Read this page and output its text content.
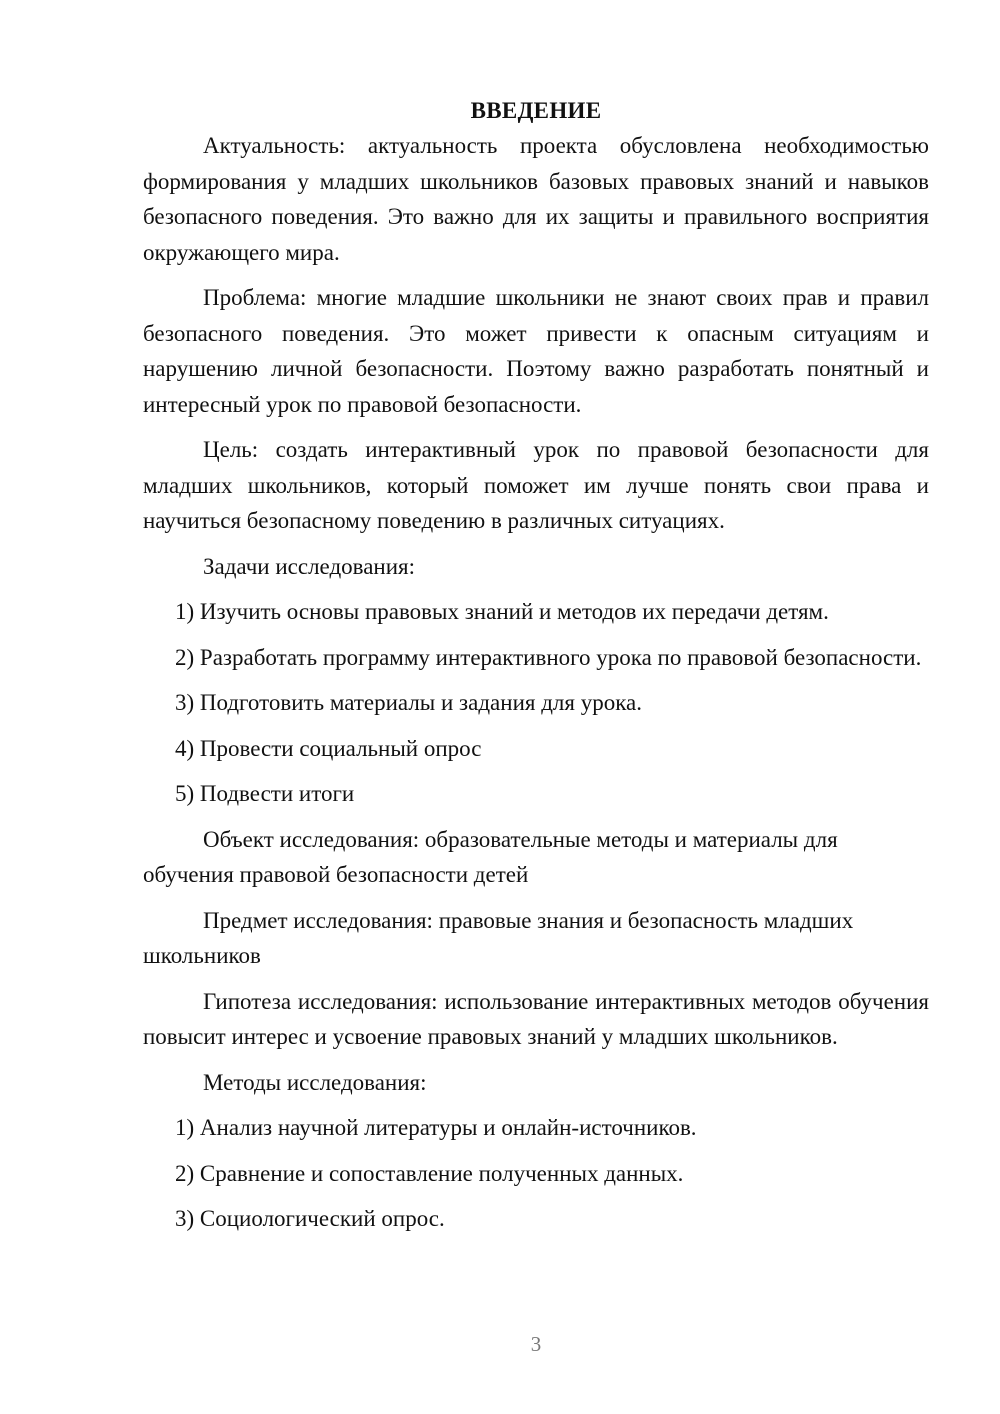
ВВЕДЕНИЕ

Актуальность: актуальность проекта обусловлена необходимостью формирования у младших школьников базовых правовых знаний и навыков безопасного поведения. Это важно для их защиты и правильного восприятия окружающего мира.

Проблема: многие младшие школьники не знают своих прав и правил безопасного поведения. Это может привести к опасным ситуациям и нарушению личной безопасности. Поэтому важно разработать понятный и интересный урок по правовой безопасности.

Цель: создать интерактивный урок по правовой безопасности для младших школьников, который поможет им лучше понять свои права и научиться безопасному поведению в различных ситуациях.

Задачи исследования:

1) Изучить основы правовых знаний и методов их передачи детям.

2) Разработать программу интерактивного урока по правовой безопасности.

3) Подготовить материалы и задания для урока.

4) Провести социальный опрос

5) Подвести итоги

Объект исследования: образовательные методы и материалы для обучения правовой безопасности детей

Предмет исследования: правовые знания и безопасность младших школьников

Гипотеза исследования: использование интерактивных методов обучения повысит интерес и усвоение правовых знаний у младших школьников.

Методы исследования:

1) Анализ научной литературы и онлайн-источников.

2) Сравнение и сопоставление полученных данных.

3) Социологический опрос.

3
